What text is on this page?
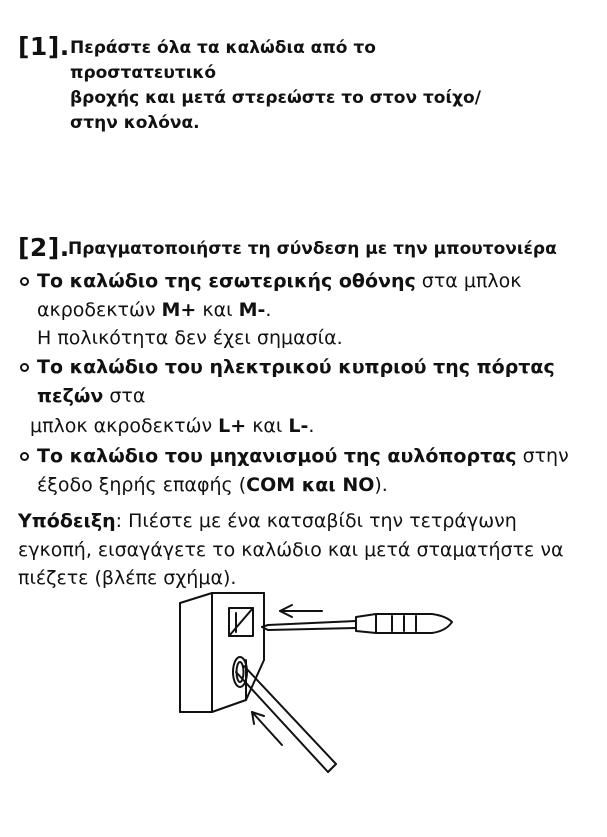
[1]. Περάστε όλα τα καλώδια από το
προστατευτικό
βροχής και μετά στερεώστε το στον τοίχο/
στην κολόνα.
[2].
Πραγματοποιήστε τη σύνδεση με την μπουτονιέρα
Το καλώδιο της εσωτερικής οθόνης στα μπλοκ
ακροδεκτών M+ και M-.
Η πολικότητα δεν έχει σημασία.
Το καλώδιο του ηλεκτρικού κυπριού της πόρτας
πεζών στα
μπλοκ ακροδεκτών L+ και L-.
Το καλώδιο του μηχανισμού της αυλόπορτας στην
έξοδο ξηρής επαφής (COM και NO).
Υπόδειξη: Πιέστε με ένα κατσαβίδι την τετράγωνη
εγκοπή, εισαγάγετε το καλώδιο και μετά σταματήστε να
πιέζετε (βλέπε σχήμα).
